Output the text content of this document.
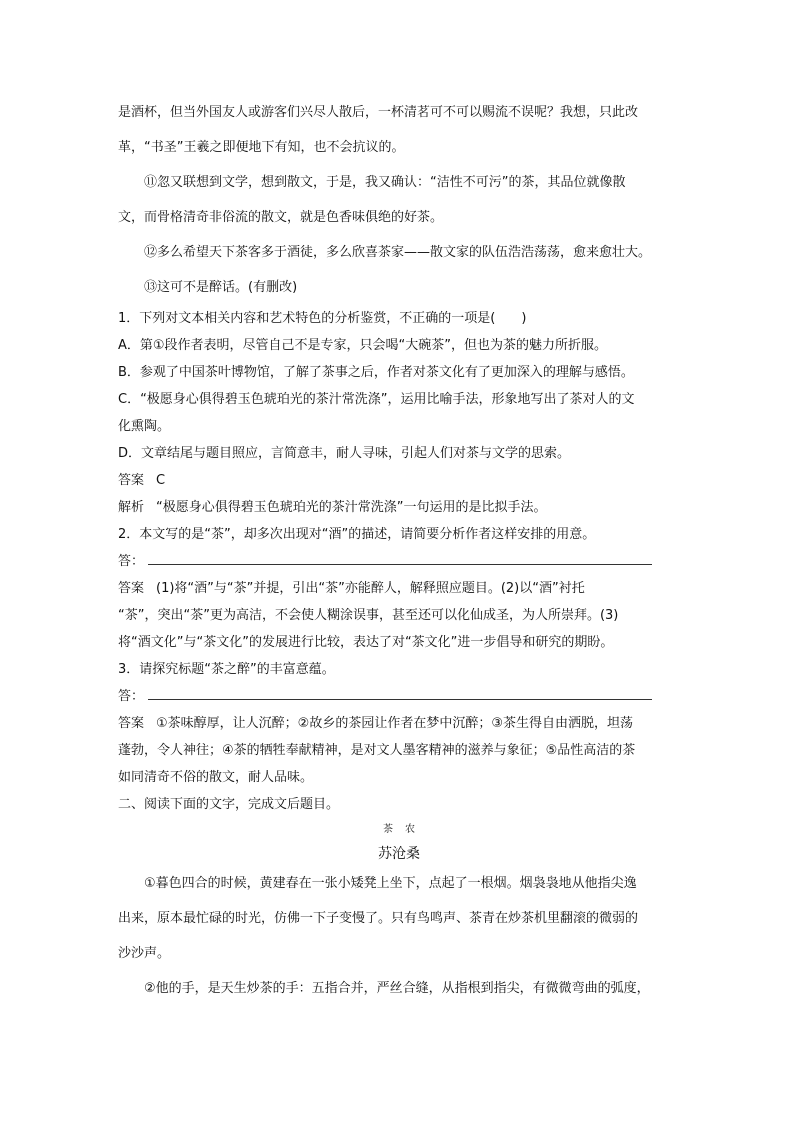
是酒杯，但当外国友人或游客们兴尽人散后，一杯清茗可不可以赐流不误呢？我想，只此改

革，“书圣”王羲之即便地下有知，也不会抗议的。

⑪忽又联想到文学，想到散文，于是，我又确认：“洁性不可污”的茶，其品位就像散

文，而骨格清奇非俗流的散文，就是色香味俱绝的好茶。

⑫多么希望天下茶客多于酒徒，多么欣喜茶家——散文家的队伍浩浩荡荡，愈来愈壮大。

⑬这可不是醉话。(有删改)

1．下列对文本相关内容和艺术特色的分析鉴赏，不正确的一项是(　　)

A．第①段作者表明，尽管自己不是专家，只会喝“大碗茶”，但也为茶的魅力所折服。

B．参观了中国茶叶博物馆，了解了茶事之后，作者对茶文化有了更加深入的理解与感悟。

C．“极愿身心俱得碧玉色琥珀光的茶汁常洗涤”，运用比喻手法，形象地写出了茶对人的文

化熏陶。

D．文章结尾与题目照应，言简意丰，耐人寻味，引起人们对茶与文学的思索。

答案 C

解析 “极愿身心俱得碧玉色琥珀光的茶汁常洗涤”一句运用的是比拟手法。

2．本文写的是“茶”，却多次出现对“酒”的描述，请简要分析作者这样安排的用意。

答：

答案 (1)将“酒”与“茶”并提，引出“茶”亦能醉人，解释照应题目。(2)以“酒”衬托

“茶”，突出“茶”更为高洁，不会使人糊涂误事，甚至还可以化仙成圣，为人所崇拜。(3)

将“酒文化”与“茶文化”的发展进行比较，表达了对“茶文化”进一步倡导和研究的期盼。

3．请探究标题“茶之醉”的丰富意蕴。

答：

答案 ①茶味醇厚，让人沉醉；②故乡的茶园让作者在梦中沉醉；③茶生得自由洒脱，坦荡

蓬勃，令人神往；④茶的牺牲奉献精神，是对文人墨客精神的滋养与象征；⑤品性高洁的茶

如同清奇不俗的散文，耐人品味。

二、阅读下面的文字，完成文后题目。

茶农

苏沧桑

①暮色四合的时候，黄建春在一张小矮凳上坐下，点起了一根烟。烟袅袅地从他指尖逸

出来，原本最忙碌的时光，仿佛一下子变慢了。只有鸟鸣声、茶青在炒茶机里翻滚的微弱的

沙沙声。

②他的手，是天生炒茶的手：五指合并，严丝合缝，从指根到指尖，有微微弯曲的弧度，
